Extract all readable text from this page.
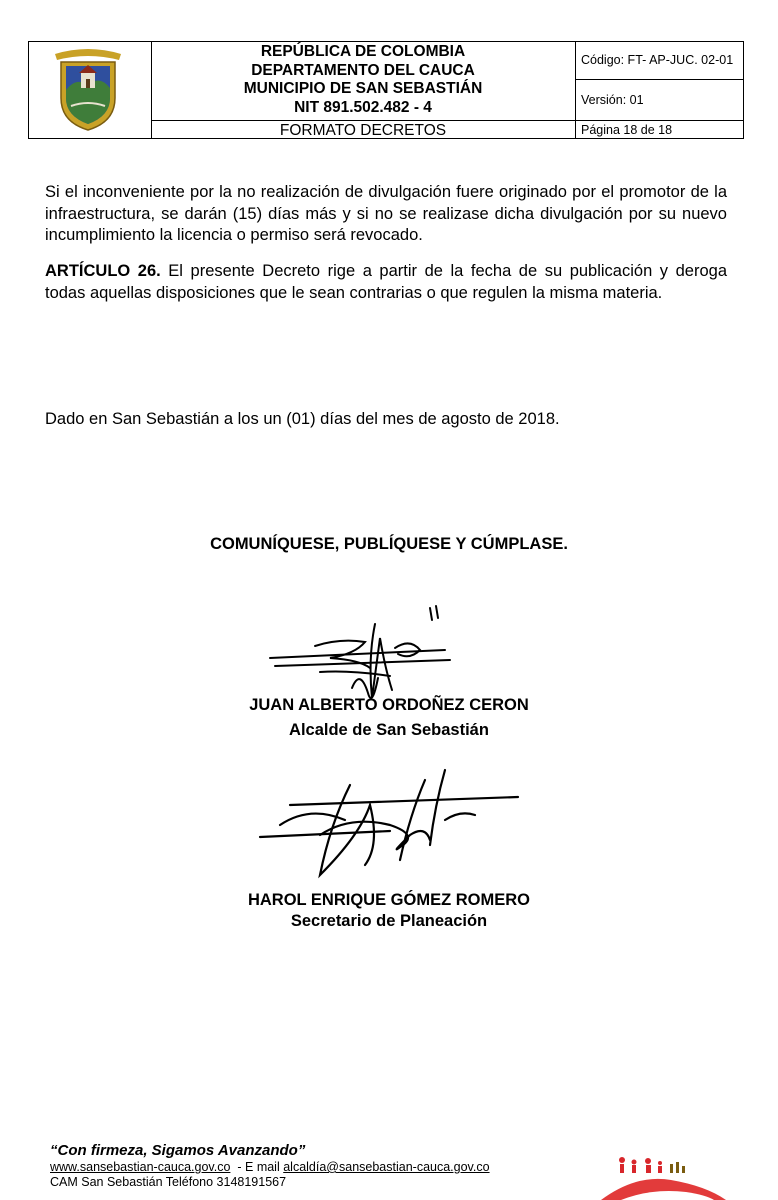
REPÚBLICA DE COLOMBIA
DEPARTAMENTO DEL CAUCA
MUNICIPIO DE SAN SEBASTIÁN
NIT 891.502.482 - 4
FORMATO DECRETOS
Código: FT- AP-JUC. 02-01
Versión: 01
Página 18 de 18
Si el inconveniente por la no realización de divulgación fuere originado por el promotor de la infraestructura, se darán (15) días más y si no se realizase dicha divulgación por su nuevo incumplimiento la licencia o permiso será revocado.
ARTÍCULO 26. El presente Decreto rige a partir de la fecha de su publicación y deroga todas aquellas disposiciones que le sean contrarias o que regulen la misma materia.
Dado en San Sebastián a los un (01) días del mes de agosto de 2018.
COMUNÍQUESE, PUBLÍQUESE Y CÚMPLASE.
JUAN ALBERTO ORDOÑEZ CERON
Alcalde de San Sebastián
HAROL ENRIQUE GÓMEZ ROMERO
Secretario de Planeación
“Con firmeza, Sigamos Avanzando”
www.sansebastian-cauca.gov.co  - E mail alcaldía@sansebastian-cauca.gov.co
CAM San Sebastián Teléfono 3148191567
